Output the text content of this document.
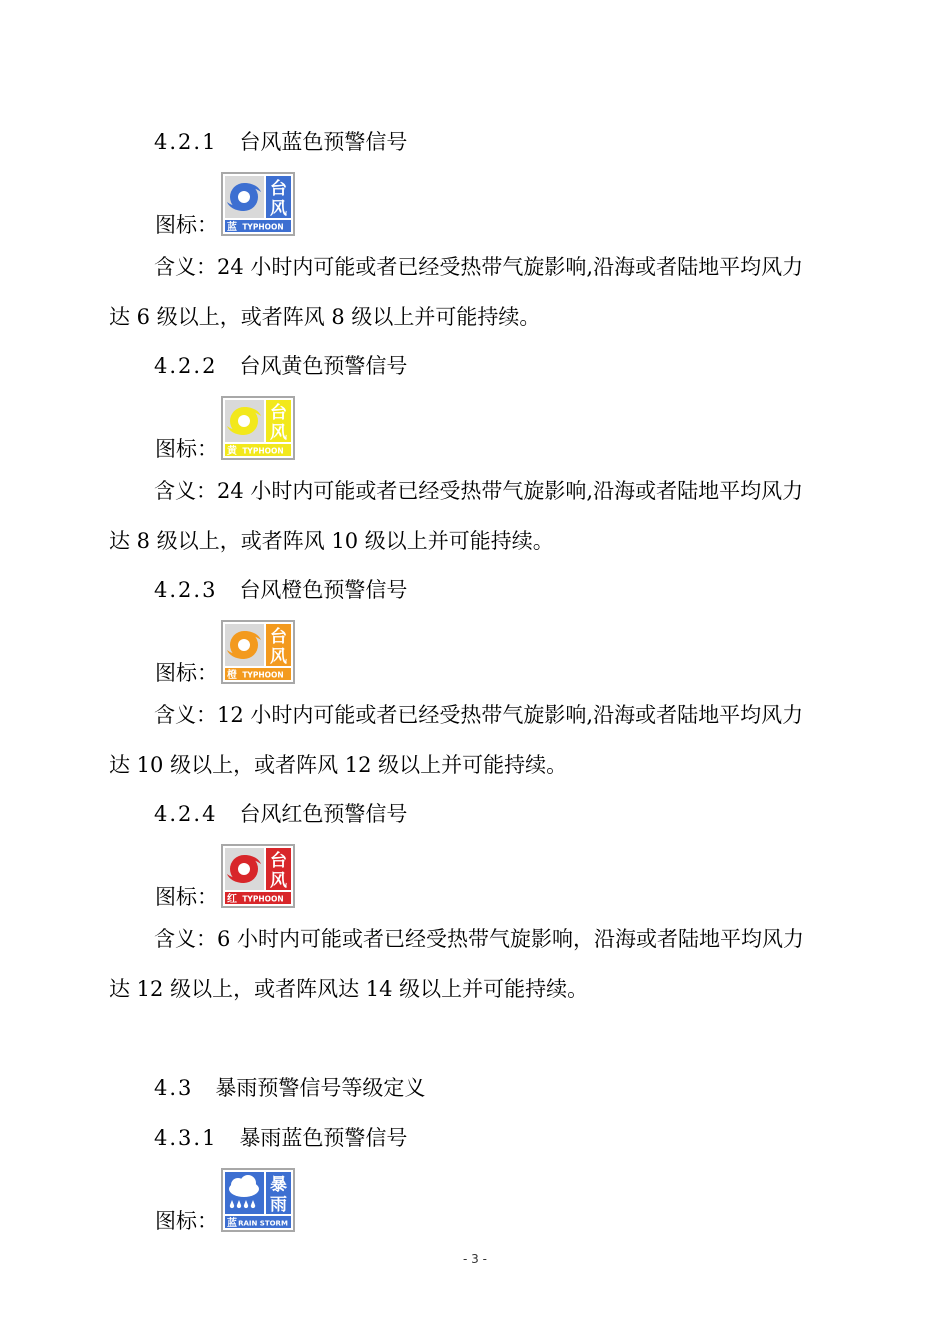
4.2.1 台风蓝色预警信号
台
风
蓝 TYPHOON
图标：
含义：24 小时内可能或者已经受热带气旋影响,沿海或者陆地平均风力
达 6 级以上，或者阵风 8 级以上并可能持续。
4.2.2 台风黄色预警信号
台
风
黄 TYPHOON
图标：
含义：24 小时内可能或者已经受热带气旋影响,沿海或者陆地平均风力
达 8 级以上，或者阵风 10 级以上并可能持续。
4.2.3 台风橙色预警信号
台
风
橙 TYPHOON
图标：
含义：12 小时内可能或者已经受热带气旋影响,沿海或者陆地平均风力
达 10 级以上，或者阵风 12 级以上并可能持续。
4.2.4 台风红色预警信号
台
风
红 TYPHOON
图标：
含义：6 小时内可能或者已经受热带气旋影响，沿海或者陆地平均风力
达 12 级以上，或者阵风达 14 级以上并可能持续。
4.3 暴雨预警信号等级定义
4.3.1 暴雨蓝色预警信号
暴
雨
蓝 RAIN STORM
图标：
- 3 -
